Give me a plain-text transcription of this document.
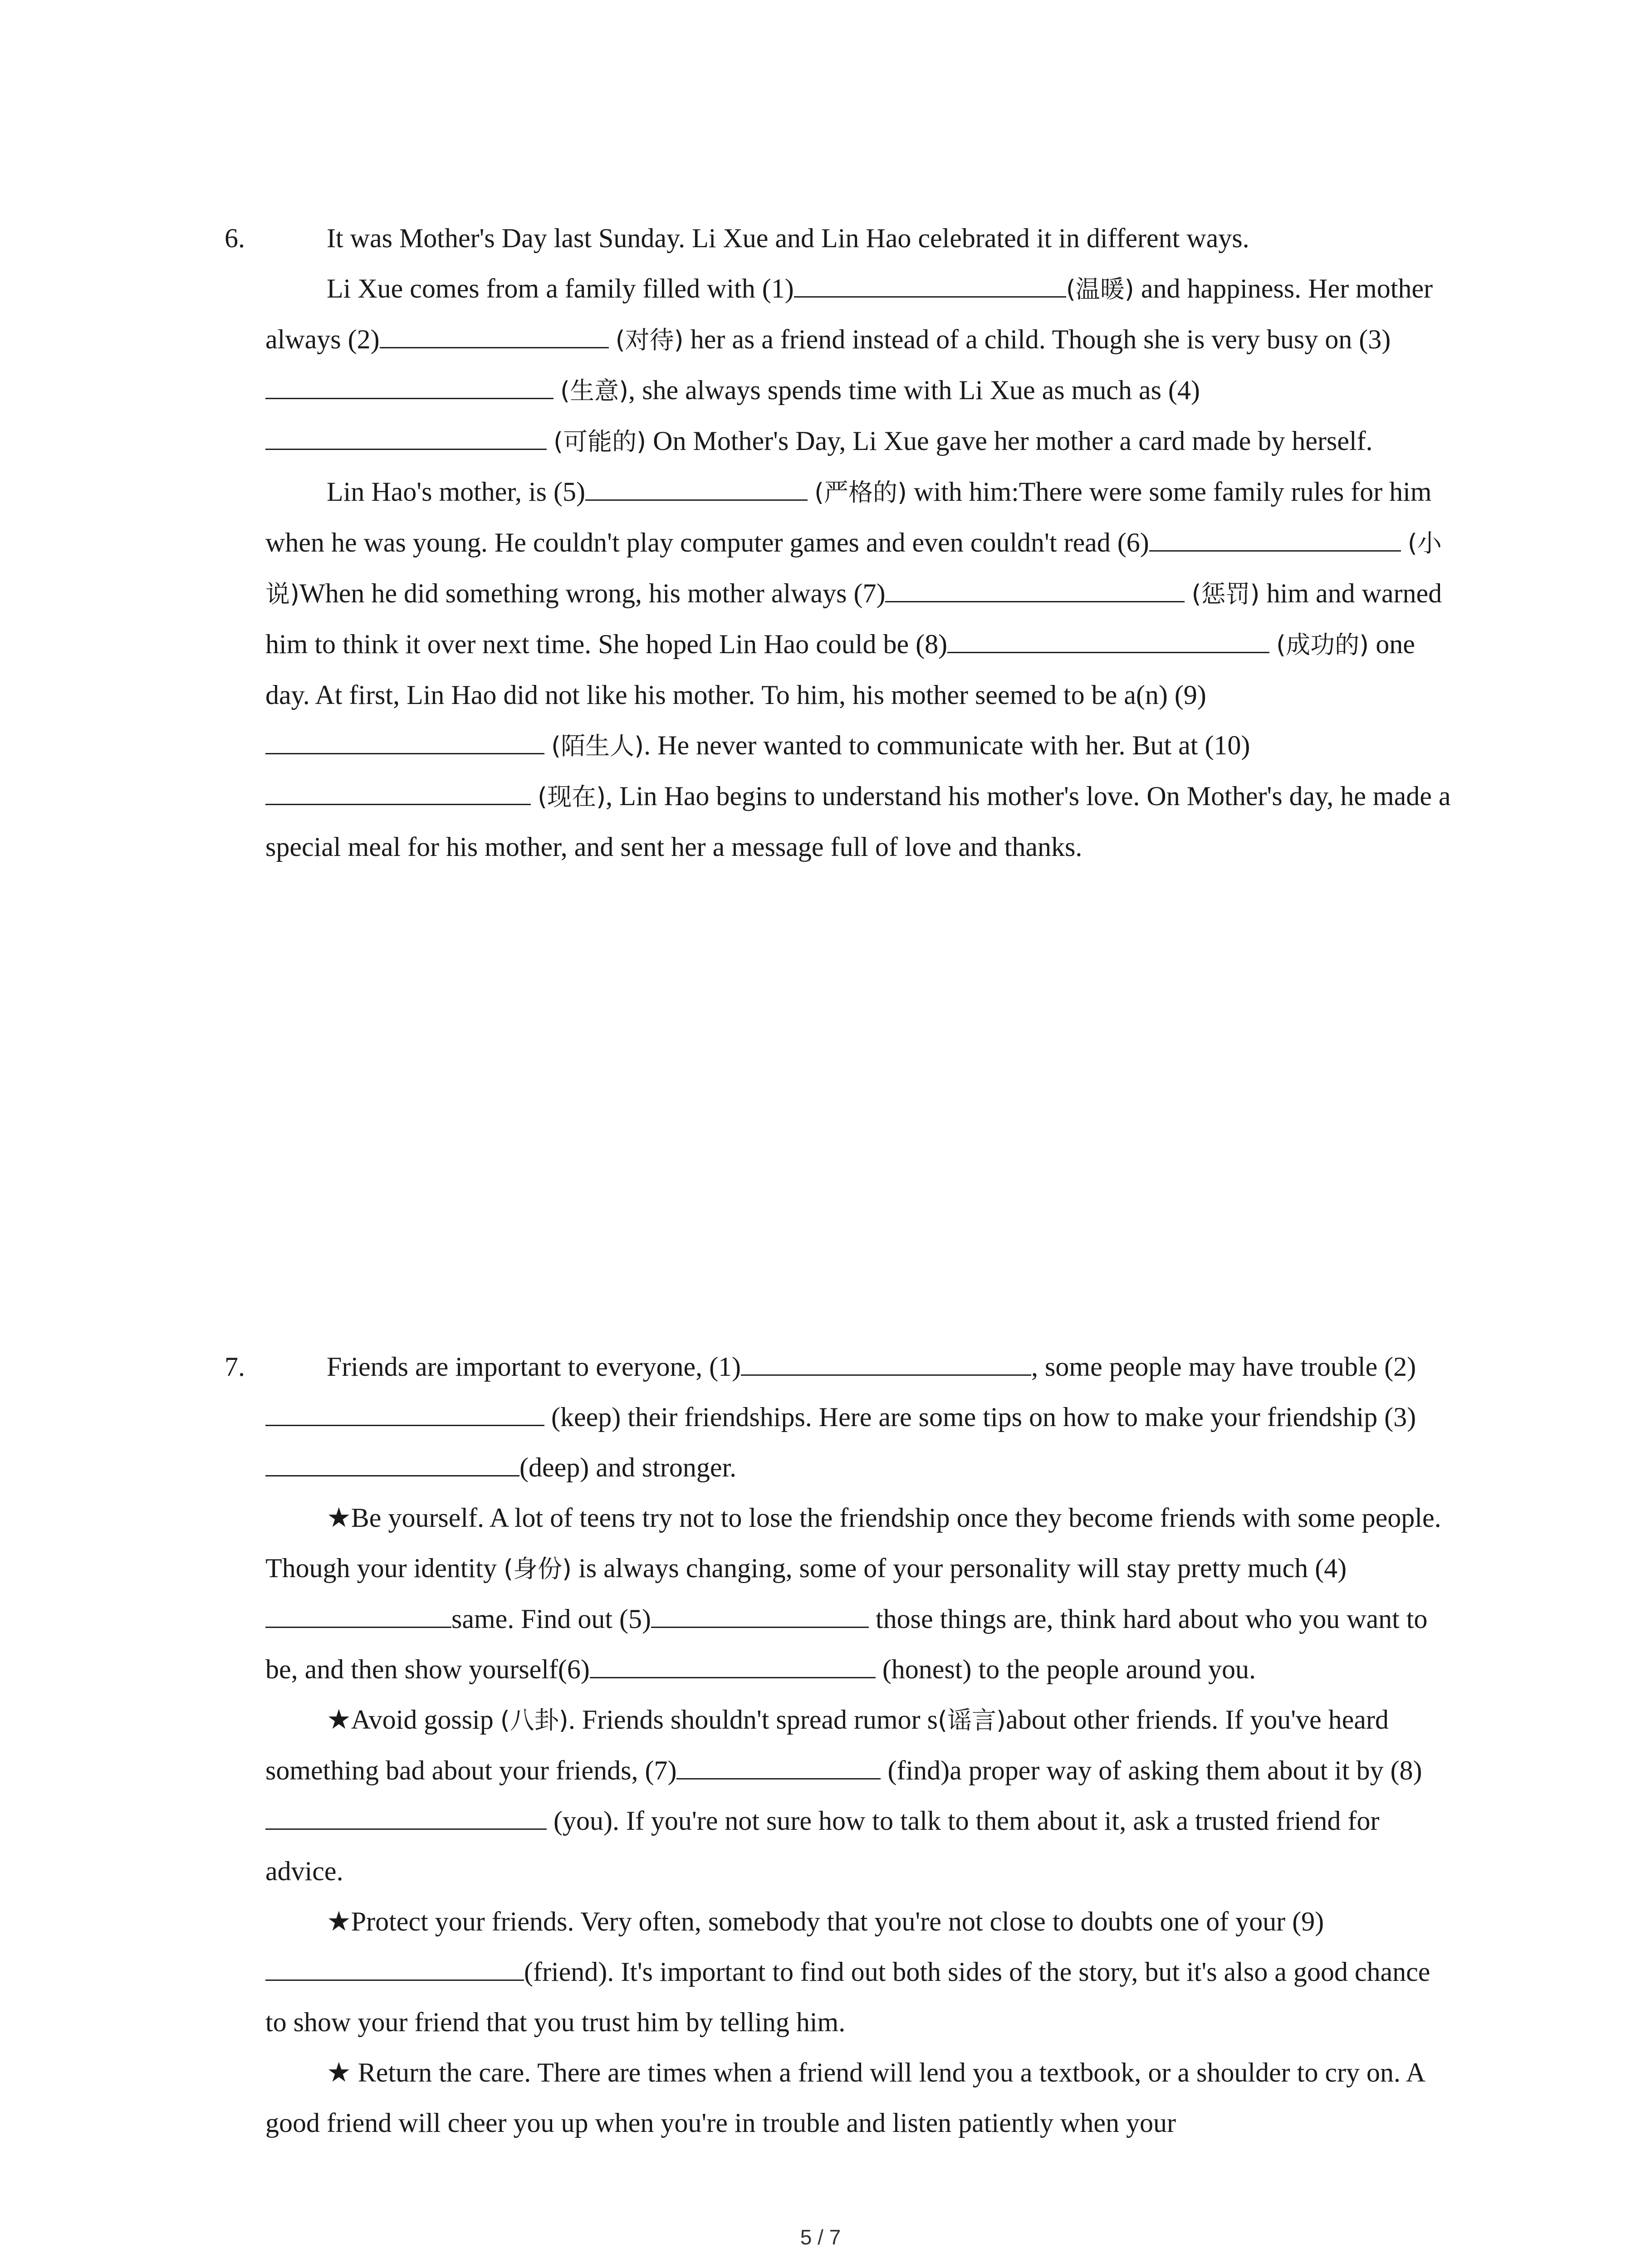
6.	It was Mother's Day last Sunday. Li Xue and Lin Hao celebrated it in different ways.

Li Xue comes from a family filled with (1)	(温暖) and happiness. Her mother always (2)	(对待) her as a friend instead of a child. Though she is very busy on (3) (生意), she always spends time with Li Xue as much as (4) (可能的) On Mother's Day, Li Xue gave her mother a card made by herself.

Lin Hao's mother, is (5)	(严格的) with him:There were some family rules for him when he was young. He couldn't play computer games and even couldn't read (6)	(小说)When he did something wrong, his mother always (7)	(惩罚) him and warned him to think it over next time. She hoped Lin Hao could be (8)	(成功的) one day. At first, Lin Hao did not like his mother. To him, his mother seemed to be a(n) (9) (陌生人). He never wanted to communicate with her. But at (10) (现在), Lin Hao begins to understand his mother's love. On Mother's day, he made a special meal for his mother, and sent her a message full of love and thanks.

7.	Friends are important to everyone, (1)	, some people may have trouble (2) (keep) their friendships. Here are some tips on how to make your friendship (3)(deep) and stronger.

★Be yourself. A lot of teens try not to lose the friendship once they become friends with some people. Though your identity (身份) is always changing, some of your personality will stay pretty much (4)same. Find out (5)	those things are, think hard about who you want to be, and then show yourself(6)	(honest) to the people around you.

★Avoid gossip (八卦). Friends shouldn't spread rumor s(谣言)about other friends. If you've heard something bad about your friends, (7)	(find)a proper way of asking them about it by (8) (you). If you're not sure how to talk to them about it, ask a trusted friend for advice.

★Protect your friends. Very often, somebody that you're not close to doubts one of your (9)(friend). It's important to find out both sides of the story, but it's also a good chance to show your friend that you trust him by telling him.

★ Return the care. There are times when a friend will lend you a textbook, or a shoulder to cry on. A good friend will cheer you up when you're in trouble and listen patiently when your

5 / 7
